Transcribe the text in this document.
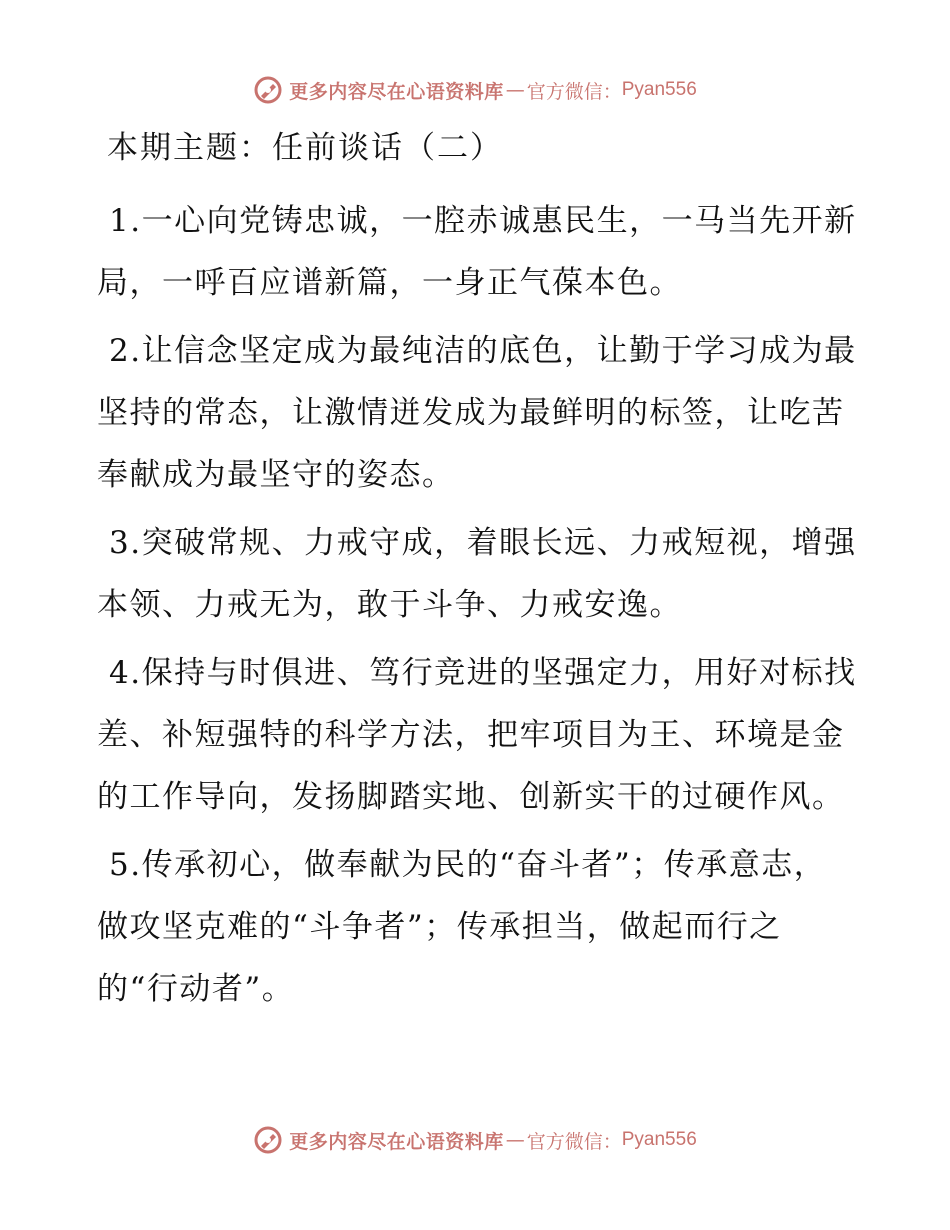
更多内容尽在心语资料库 — 官方微信： Pyan556
本期主题：任前谈话（二）

1.一心向党铸忠诚，一腔赤诚惠民生，一马当先开新局，一呼百应谱新篇，一身正气葆本色。

2.让信念坚定成为最纯洁的底色，让勤于学习成为最坚持的常态，让激情迸发成为最鲜明的标签，让吃苦奉献成为最坚守的姿态。

3.突破常规、力戒守成，着眼长远、力戒短视，增强本领、力戒无为，敢于斗争、力戒安逸。

4.保持与时俱进、笃行竞进的坚强定力，用好对标找差、补短强特的科学方法，把牢项目为王、环境是金的工作导向，发扬脚踏实地、创新实干的过硬作风。

5.传承初心，做奉献为民的“奋斗者”；传承意志，做攻坚克难的“斗争者”；传承担当，做起而行之的“行动者”。

更多内容尽在心语资料库 — 官方微信： Pyan556
